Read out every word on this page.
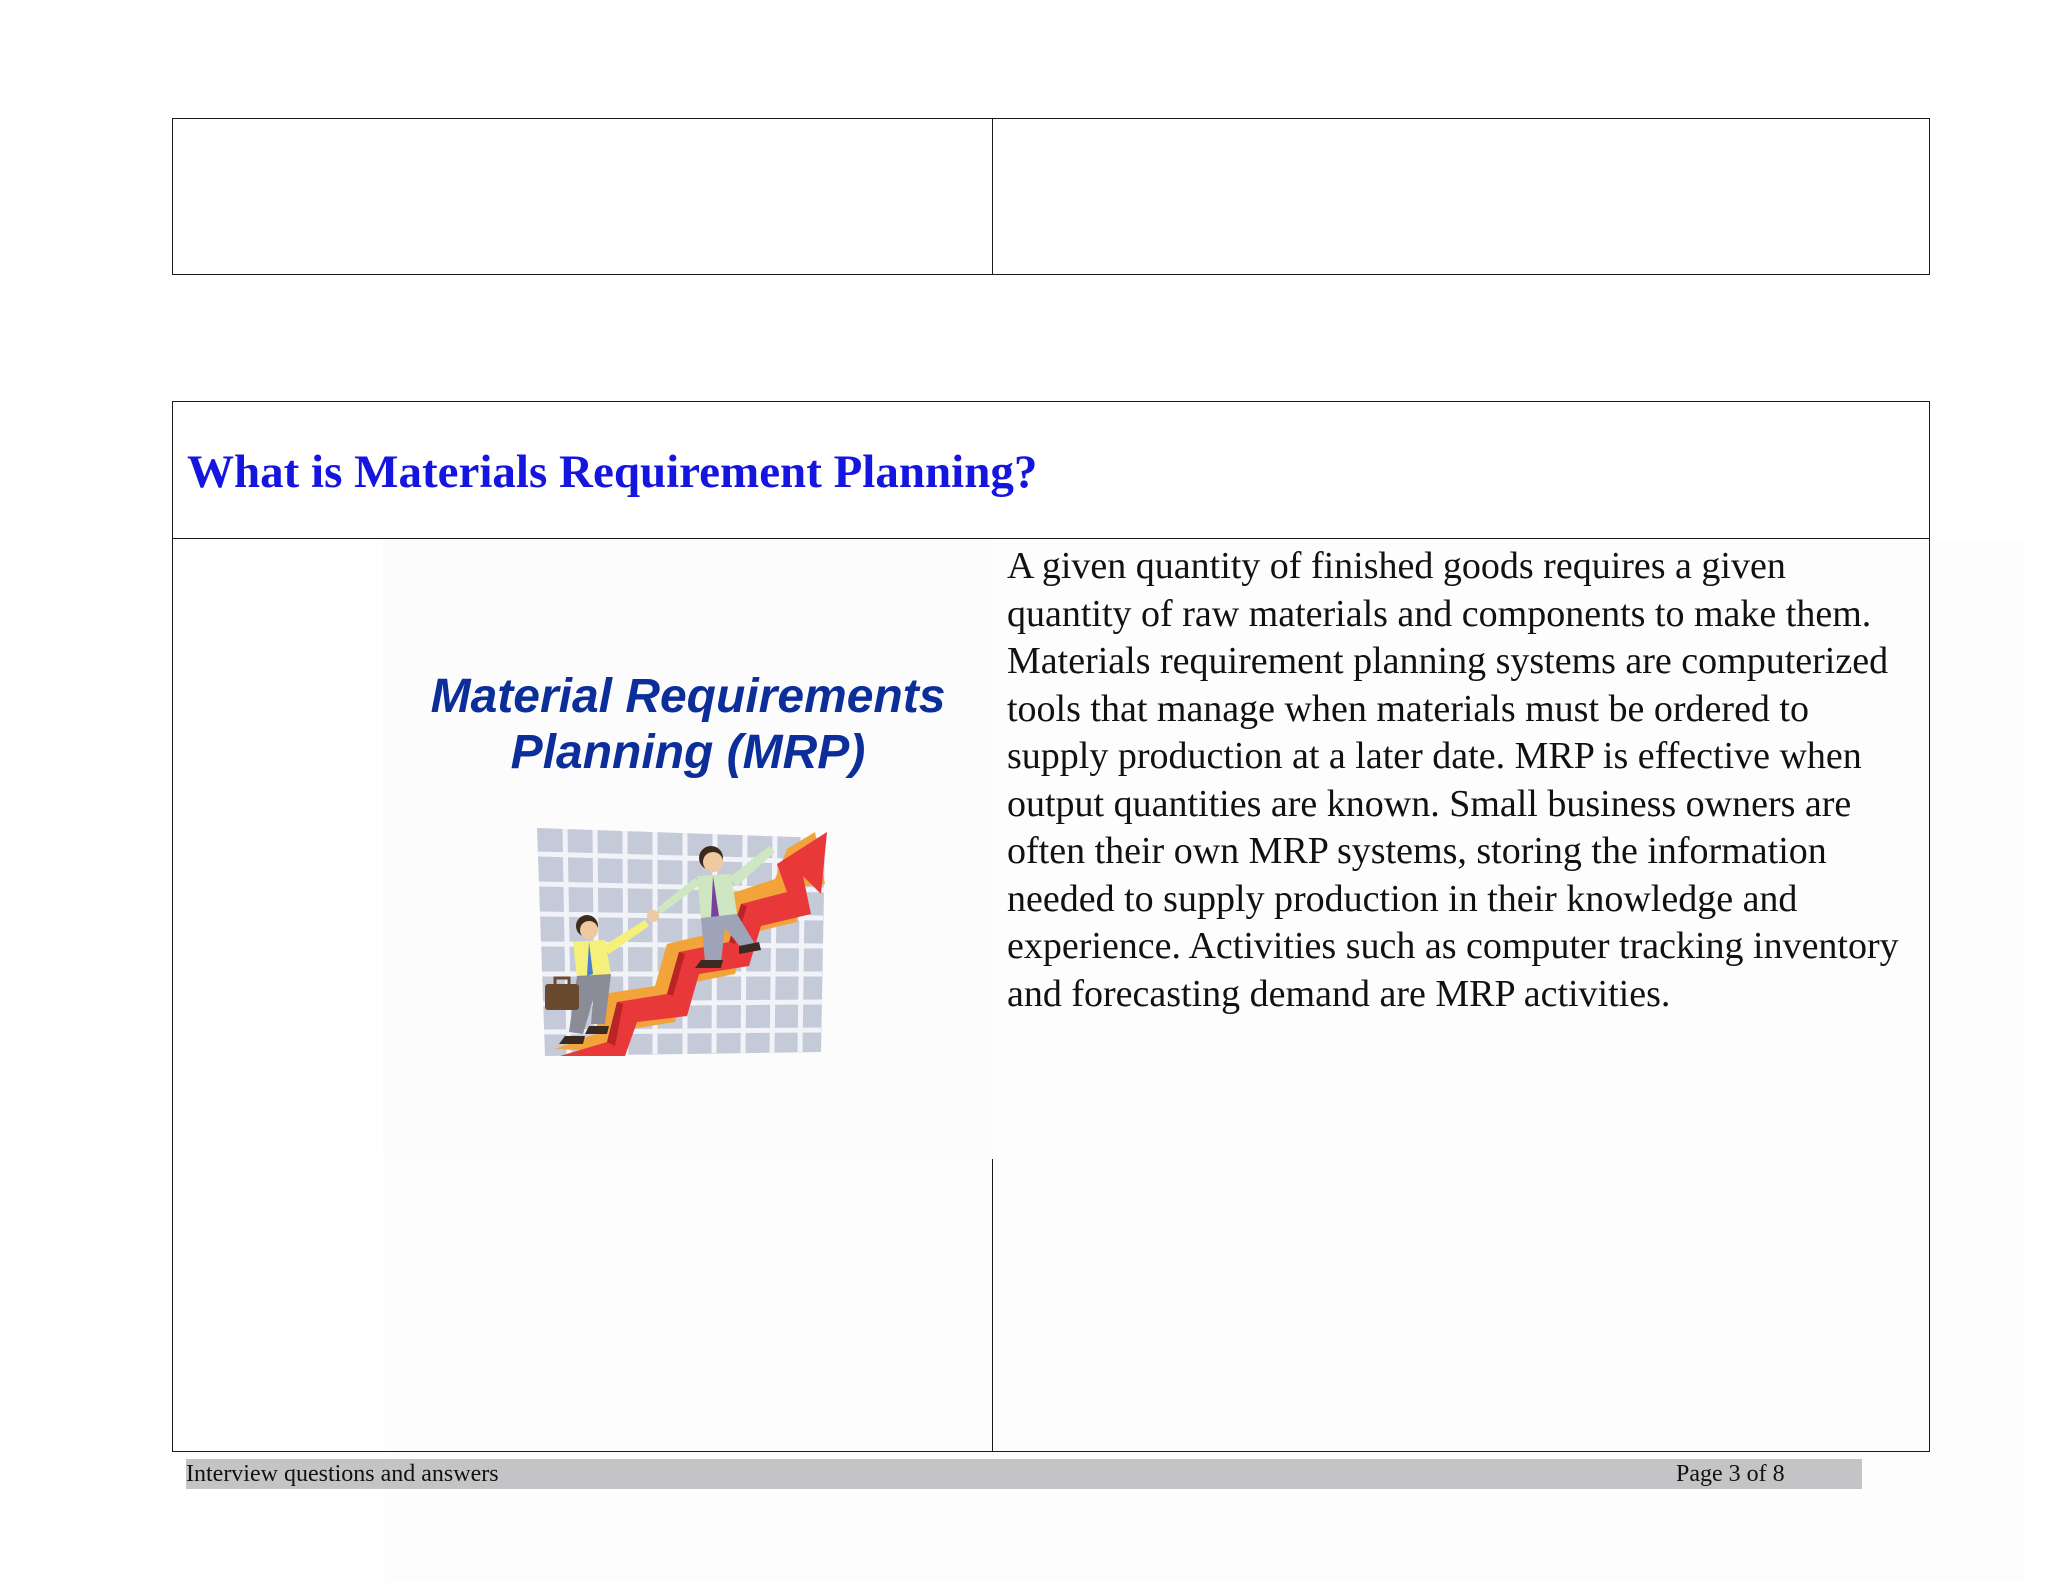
What is Materials Requirement Planning?

Material Requirements
Planning (MRP)

A given quantity of finished goods requires a given quantity of raw materials and components to make them. Materials requirement planning systems are computerized tools that manage when materials must be ordered to supply production at a later date. MRP is effective when output quantities are known. Small business owners are often their own MRP systems, storing the information needed to supply production in their knowledge and experience. Activities such as computer tracking inventory and forecasting demand are MRP activities.

Interview questions and answers	Page 3 of 8
